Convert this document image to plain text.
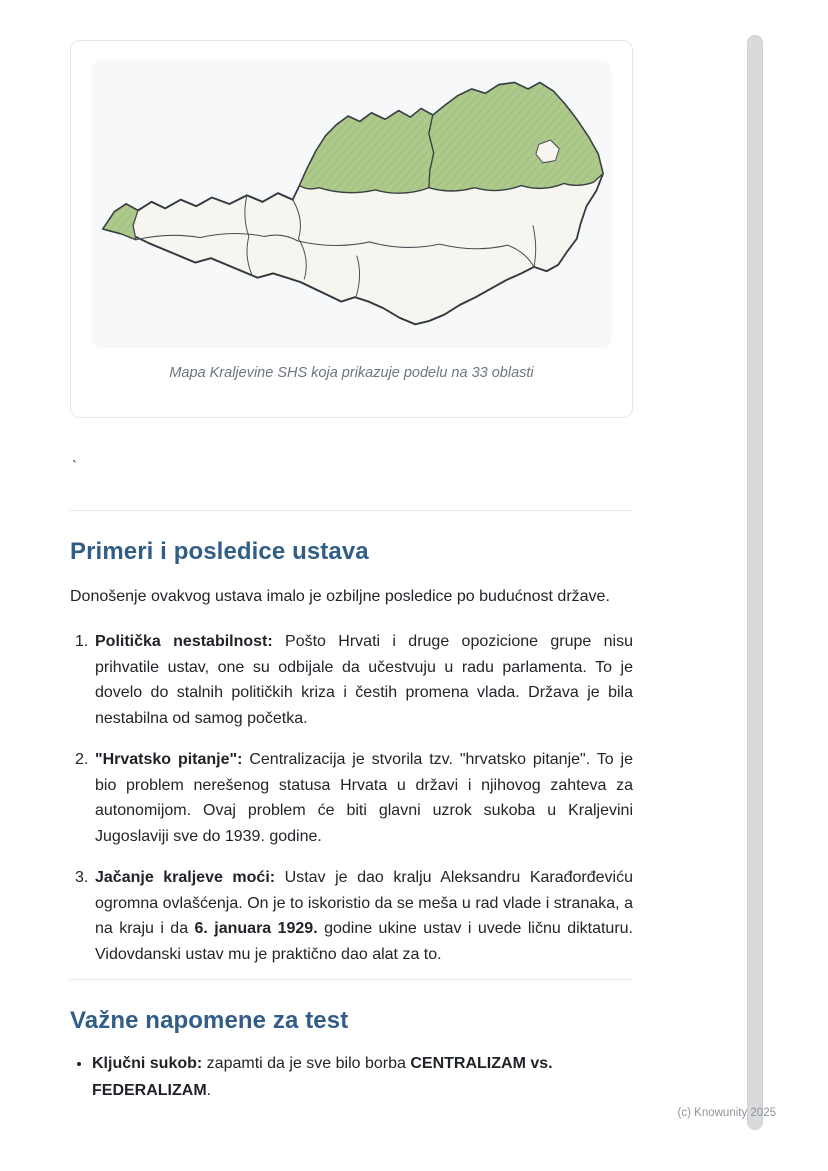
Mapa Kraljevine SHS koja prikazuje podelu na 33 oblasti
`
Primeri i posledice ustava

Donošenje ovakvog ustava imalo je ozbiljne posledice po budućnost države.

1. Politička nestabilnost: Pošto Hrvati i druge opozicione grupe nisu prihvatile ustav, one su odbijale da učestvuju u radu parlamenta. To je dovelo do stalnih političkih kriza i čestih promena vlada. Država je bila nestabilna od samog početka.
2. "Hrvatsko pitanje": Centralizacija je stvorila tzv. "hrvatsko pitanje". To je bio problem nerešenog statusa Hrvata u državi i njihovog zahteva za autonomijom. Ovaj problem će biti glavni uzrok sukoba u Kraljevini Jugoslaviji sve do 1939. godine.
3. Jačanje kraljeve moći: Ustav je dao kralju Aleksandru Karađorđeviću ogromna ovlašćenja. On je to iskoristio da se meša u rad vlade i stranaka, a na kraju i da 6. januara 1929. godine ukine ustav i uvede ličnu diktaturu. Vidovdanski ustav mu je praktično dao alat za to.
Važne napomene za test
• Ključni sukob: zapamti da je sve bilo borba CENTRALIZAM vs. FEDERALIZAM.
(c) Knowunity 2025
